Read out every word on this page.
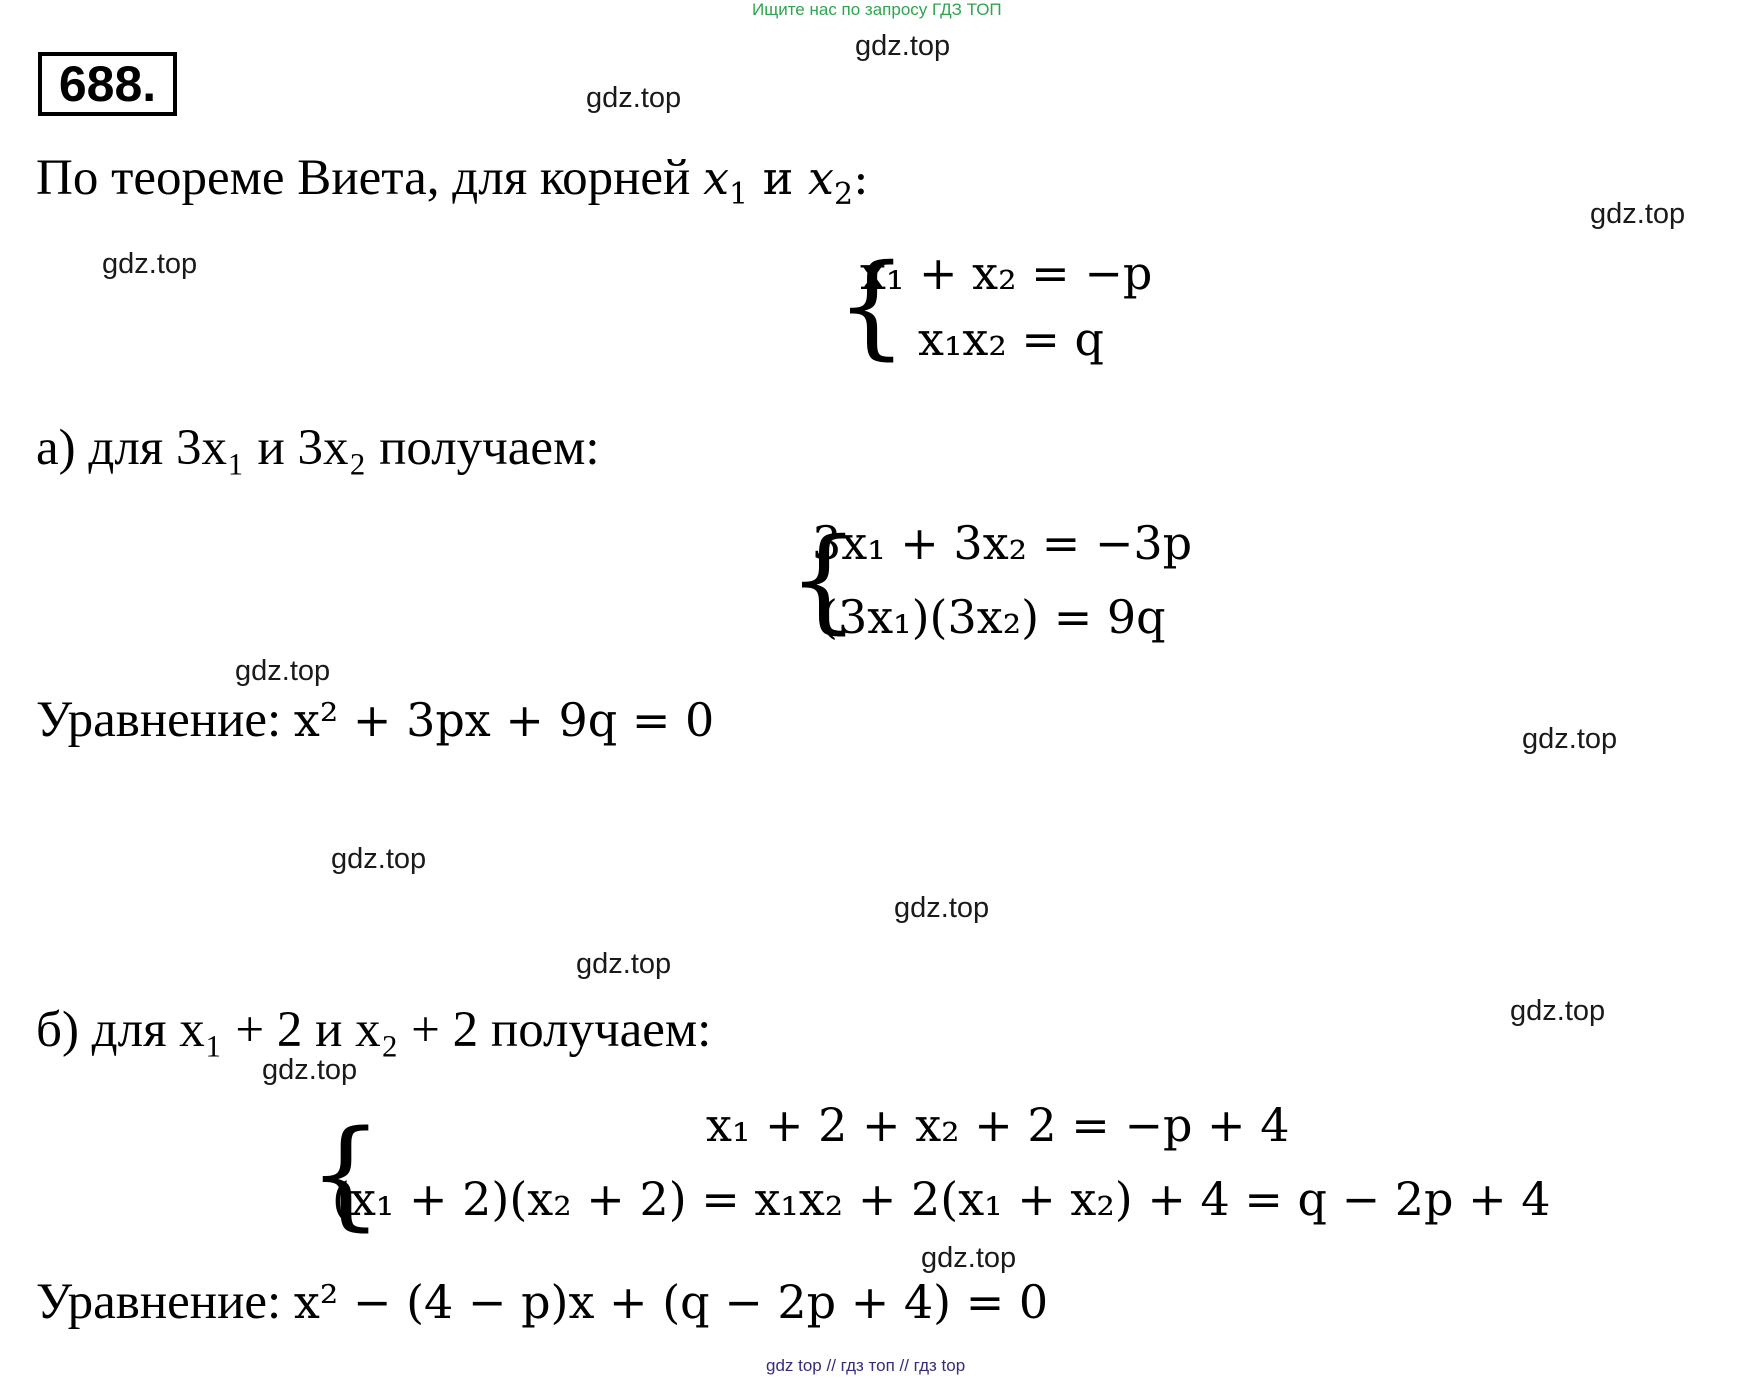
Ищите нас по запросу ГДЗ ТОП
688.
gdz.top
gdz.top
gdz.top
gdz.top
gdz.top
gdz.top
gdz.top
gdz.top
gdz.top
gdz.top
gdz.top
gdz.top
По теореме Виета, для корней $x_1$ и $x_2$:
{
x₁ + x₂ = −p
x₁x₂ = q
а) для 3x₁ и 3x₂ получаем:
{
3x₁ + 3x₂ = −3p
(3x₁)(3x₂) = 9q
Уравнение: x² + 3px + 9q = 0
б) для x₁ + 2 и x₂ + 2 получаем:
{	x₁ + 2 + x₂ + 2 = −p + 4
(x₁ + 2)(x₂ + 2) = x₁x₂ + 2(x₁ + x₂) + 4 = q − 2p + 4
Уравнение: x² − (4 − p)x + (q − 2p + 4) = 0
gdz top // гдз топ // гдз top
